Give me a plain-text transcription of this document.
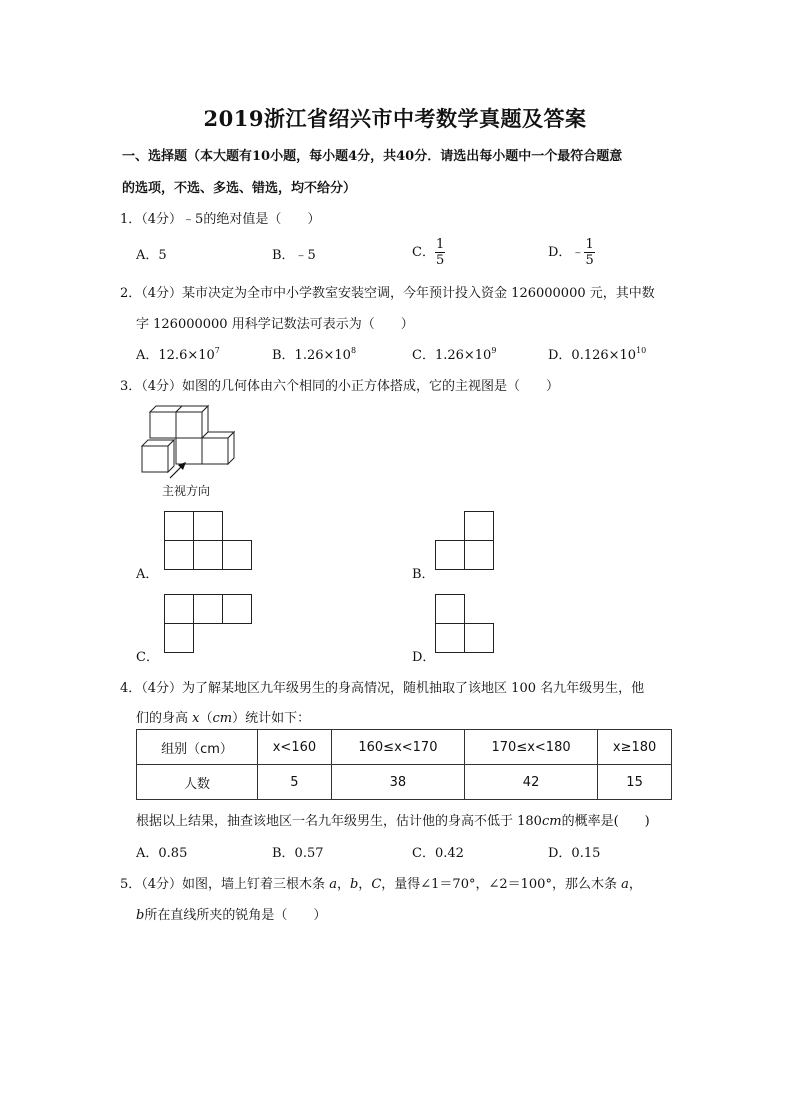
2019浙江省绍兴市中考数学真题及答案
一、选择题（本大题有10小题，每小题4分，共40分．请选出每小题中一个最符合题意
的选项，不选、多选、错选，均不给分）
1．（4分）﹣5的绝对值是（　　）
A．5	B．﹣5	C． $\frac{1}{5}$	D．﹣ $\frac{1}{5}$
2．（4分）某市决定为全市中小学教室安装空调，今年预计投入资金 126000000 元，其中数
字 126000000 用科学记数法可表示为（　　）
A．$12.6\times 10^7$	B．$1.26\times 10^8$	C．$1.26\times 10^9$	D．$0.126\times 10^{10}$
3．（4分）如图的几何体由六个相同的小正方体搭成，它的主视图是（　　）
主视方向
A．	B．
C．	D．
4．（4分）为了解某地区九年级男生的身高情况，随机抽取了该地区 100 名九年级男生，他
们的身高 x（cm）统计如下：
组别（cm）	x<160	160≤x<170	170≤x<180	x≥180
人数	5	38	42	15
根据以上结果，抽查该地区一名九年级男生，估计他的身高不低于 180cm的概率是(　　)
A．0.85	B．0.57	C．0.42	D．0.15
5．（4分）如图，墙上钉着三根木条 a，b，C，量得∠1＝70°，∠2＝100°，那么木条 a，
b所在直线所夹的锐角是（　　）
